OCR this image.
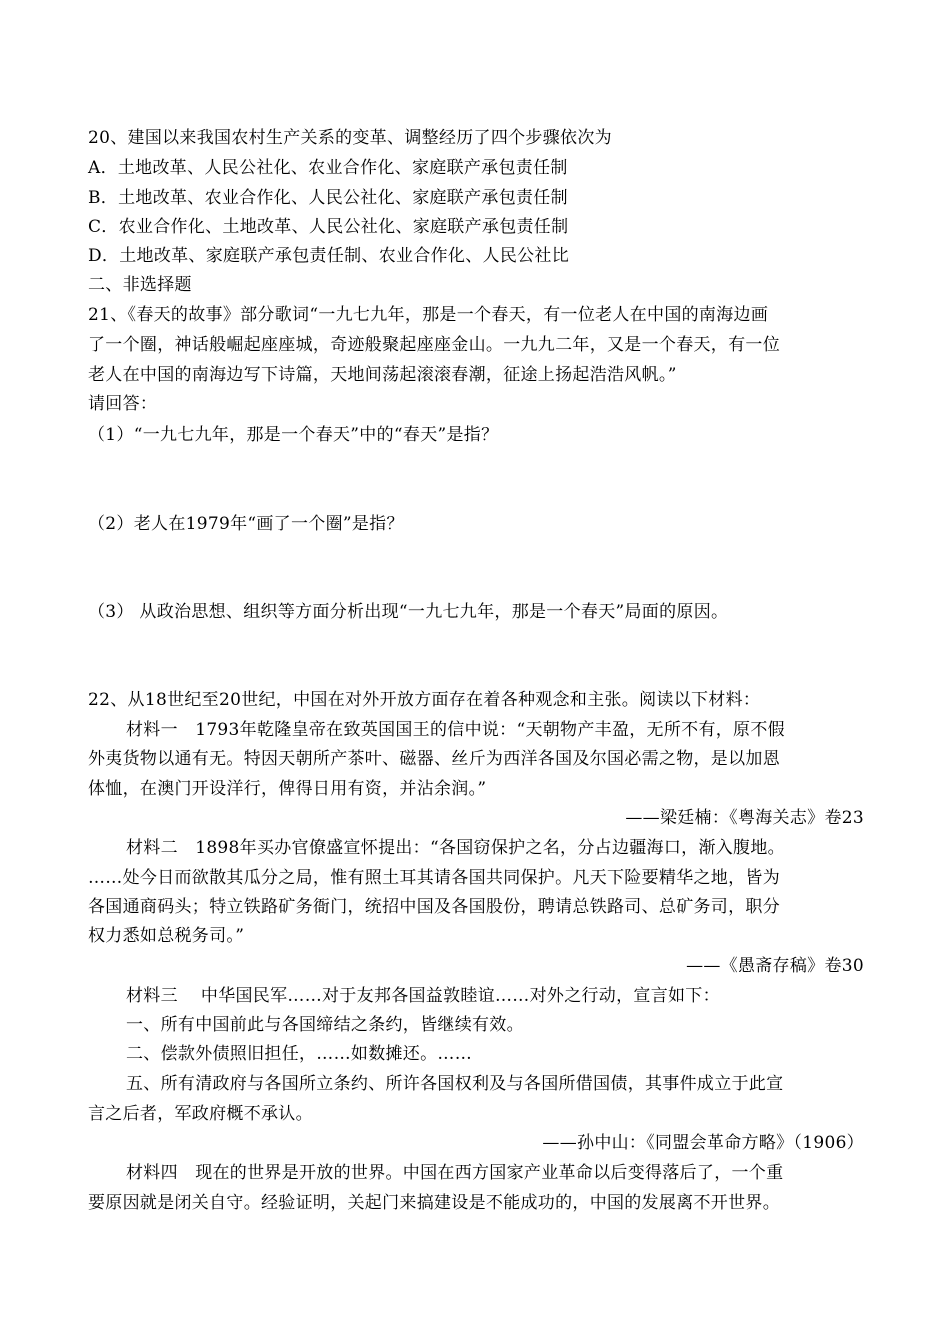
20、建国以来我国农村生产关系的变革、调整经历了四个步骤依次为
A．土地改革、人民公社化、农业合作化、家庭联产承包责任制
B．土地改革、农业合作化、人民公社化、家庭联产承包责任制
C．农业合作化、土地改革、人民公社化、家庭联产承包责任制
D．土地改革、家庭联产承包责任制、农业合作化、人民公社比
二、非选择题
21、《春天的故事》部分歌词“一九七九年，那是一个春天，有一位老人在中国的南海边画
了一个圈，神话般崛起座座城，奇迹般聚起座座金山。一九九二年，又是一个春天，有一位
老人在中国的南海边写下诗篇，天地间荡起滚滚春潮，征途上扬起浩浩风帆。”
请回答：
（1）“一九七九年，那是一个春天”中的“春天”是指？
（2）老人在1979年“画了一个圈”是指？
（3） 从政治思想、组织等方面分析出现“一九七九年，那是一个春天”局面的原因。
22、从18世纪至20世纪，中国在对外开放方面存在着各种观念和主张。阅读以下材料：
材料一　1793年乾隆皇帝在致英国国王的信中说：“天朝物产丰盈，无所不有，原不假
外夷货物以通有无。特因天朝所产茶叶、磁器、丝斤为西洋各国及尔国必需之物，是以加恩
体恤，在澳门开设洋行，俾得日用有资，并沾余润。”
——梁廷楠：《粤海关志》卷23
材料二　1898年买办官僚盛宣怀提出：“各国窃保护之名，分占边疆海口，渐入腹地。
……处今日而欲散其瓜分之局，惟有照土耳其请各国共同保护。凡天下险要精华之地，皆为
各国通商码头；特立铁路矿务衙门，统招中国及各国股份，聘请总铁路司、总矿务司，职分
权力悉如总税务司。”
——《愚斋存稿》卷30
材料三　 中华国民军……对于友邦各国益敦睦谊……对外之行动，宣言如下：
一、所有中国前此与各国缔结之条约，皆继续有效。
二、偿款外债照旧担任，……如数摊还。……
五、所有清政府与各国所立条约、所许各国权利及与各国所借国债，其事件成立于此宣
言之后者，军政府概不承认。
——孙中山：《同盟会革命方略》（1906）
材料四　现在的世界是开放的世界。中国在西方国家产业革命以后变得落后了，一个重
要原因就是闭关自守。经验证明，关起门来搞建设是不能成功的，中国的发展离不开世界。
